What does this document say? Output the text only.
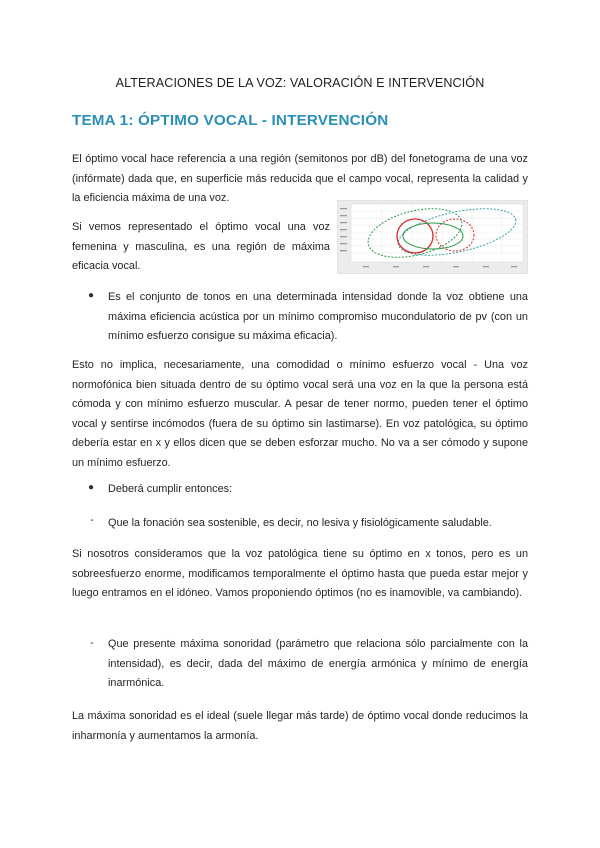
ALTERACIONES DE LA VOZ: VALORACIÓN E INTERVENCIÓN
TEMA 1: ÓPTIMO VOCAL - INTERVENCIÓN

El óptimo vocal hace referencia a una región (semitonos por dB) del fonetograma de una voz (infórmate) dada que, en superficie más reducida que el campo vocal, representa la calidad y la eficiencia máxima de una voz.

Si vemos representado el óptimo vocal una voz femenina y masculina, es una región de máxima eficacia vocal.

● Es el conjunto de tonos en una determinada intensidad donde la voz obtiene una máxima eficiencia acústica por un mínimo compromiso mucondulatorio de pv (con un mínimo esfuerzo consigue su máxima eficacia).

Esto no implica, necesariamente, una comodidad o mínimo esfuerzo vocal - Una voz normofónica bien situada dentro de su óptimo vocal será una voz en la que la persona está cómoda y con mínimo esfuerzo muscular. A pesar de tener normo, pueden tener el óptimo vocal y sentirse incómodos (fuera de su óptimo sin lastimarse). En voz patológica, su óptimo debería estar en x y ellos dicen que se deben esforzar mucho. No va a ser cómodo y supone un mínimo esfuerzo.

● Deberá cumplir entonces:
- Que la fonación sea sostenible, es decir, no lesiva y fisiológicamente saludable.

Si nosotros consideramos que la voz patológica tiene su óptimo en x tonos, pero es un sobreesfuerzo enorme, modificamos temporalmente el óptimo hasta que pueda estar mejor y luego entramos en el idóneo. Vamos proponiendo óptimos (no es inamovible, va cambiando).

- Que presente máxima sonoridad (parámetro que relaciona sólo parcialmente con la intensidad), es decir, dada del máximo de energía armónica y mínimo de energía inarmónica.

La máxima sonoridad es el ideal (suele llegar más tarde) de óptimo vocal donde reducimos la inharmonía y aumentamos la armonía.
